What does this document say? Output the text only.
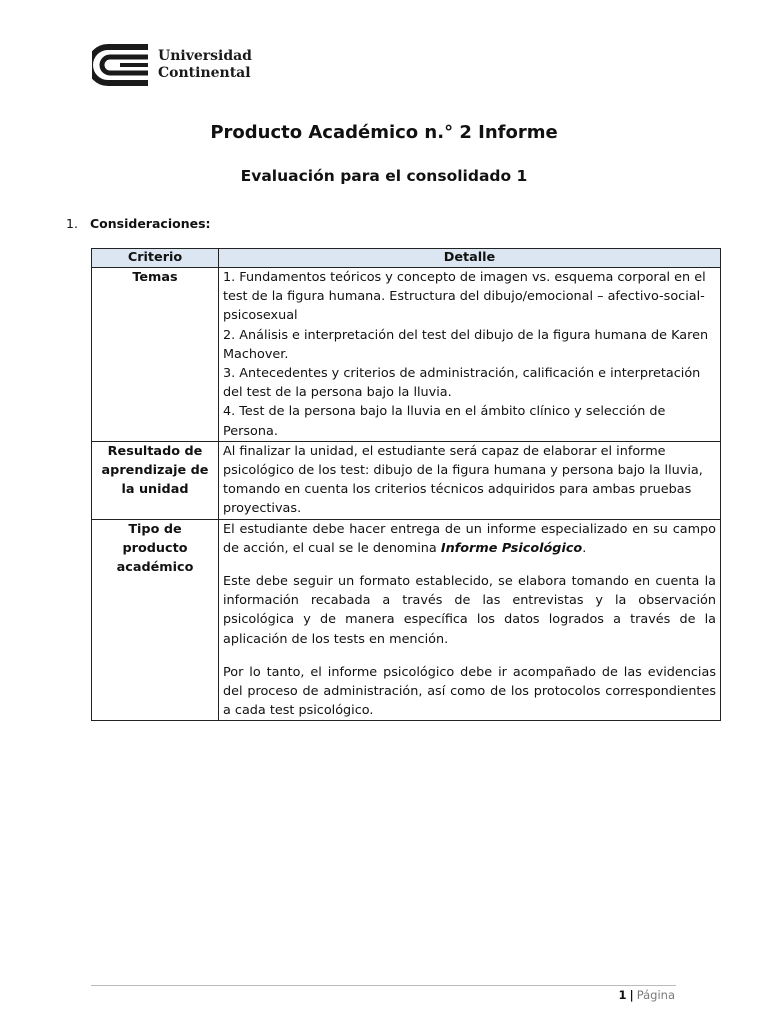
Universidad
Continental
Producto Académico n.° 2 Informe
Evaluación para el consolidado 1
1. Consideraciones:
Criterio	Detalle
Temas	1. Fundamentos teóricos y concepto de imagen vs. esquema corporal en el test de la figura humana. Estructura del dibujo/emocional – afectivo-social-psicosexual
2. Análisis e interpretación del test del dibujo de la figura humana de Karen Machover.
3. Antecedentes y criterios de administración, calificación e interpretación del test de la persona bajo la lluvia.
4. Test de la persona bajo la lluvia en el ámbito clínico y selección de Persona.

Resultado de aprendizaje de la unidad	Al finalizar la unidad, el estudiante será capaz de elaborar el informe psicológico de los test: dibujo de la figura humana y persona bajo la lluvia, tomando en cuenta los criterios técnicos adquiridos para ambas pruebas proyectivas.
Tipo de producto académico	El estudiante debe hacer entrega de un informe especializado en su campo de acción, el cual se le denomina Informe Psicológico.
Este debe seguir un formato establecido, se elabora tomando en cuenta la información recabada a través de las entrevistas y la observación psicológica y de manera específica los datos logrados a través de la aplicación de los tests en mención.
Por lo tanto, el informe psicológico debe ir acompañado de las evidencias del proceso de administración, así como de los protocolos correspondientes a cada test psicológico.
1 | Página
